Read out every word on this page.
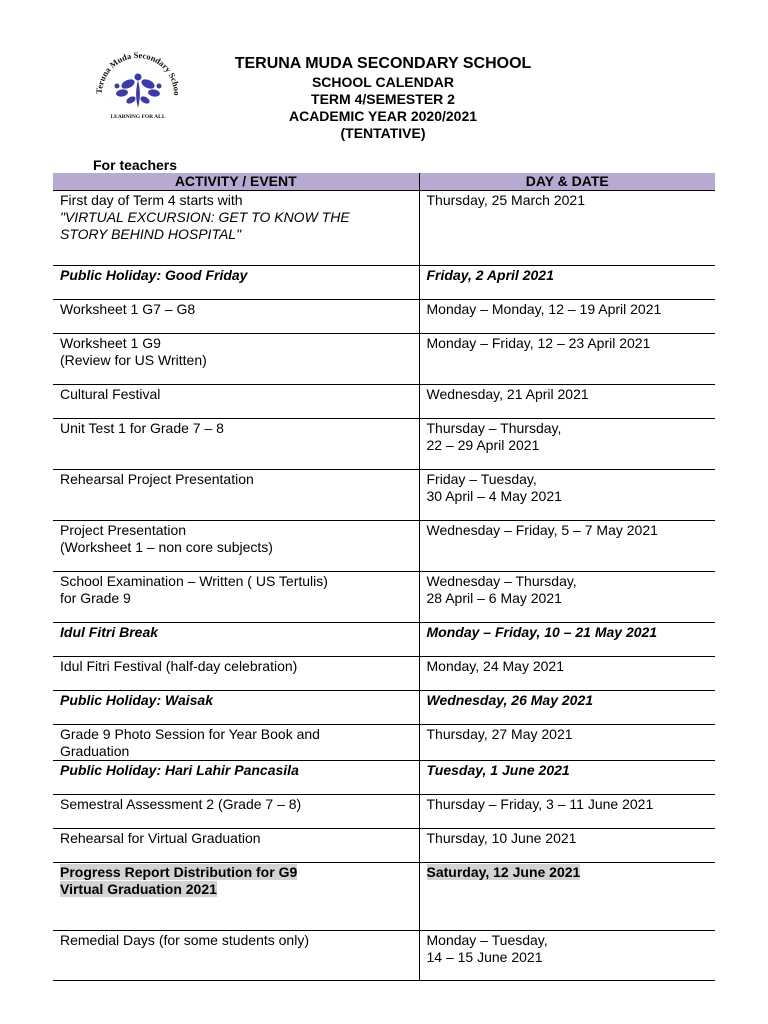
Teruna Muda Secondary Schoo
LEARNING FOR ALL
TERUNA MUDA SECONDARY SCHOOL
SCHOOL CALENDAR
TERM 4/SEMESTER 2
ACADEMIC YEAR 2020/2021
(TENTATIVE)
For teachers
ACTIVITY / EVENT	DAY & DATE

First day of Term 4 starts with
"VIRTUAL EXCURSION: GET TO KNOW THE
STORY BEHIND HOSPITAL"	Thursday, 25 March 2021

Public Holiday: Good Friday	Friday, 2 April 2021

Worksheet 1 G7 – G8	Monday – Monday, 12 – 19 April 2021

Worksheet 1 G9
(Review for US Written)	Monday – Friday, 12 – 23 April 2021

Cultural Festival	Wednesday, 21 April 2021

Unit Test 1 for Grade 7 – 8	Thursday – Thursday,
22 – 29 April 2021

Rehearsal Project Presentation	Friday – Tuesday,
30 April – 4 May 2021

Project Presentation
(Worksheet 1 – non core subjects)	Wednesday – Friday, 5 – 7 May 2021

School Examination – Written ( US Tertulis)
for Grade 9	Wednesday – Thursday,
28 April – 6 May 2021

Idul Fitri Break	Monday – Friday, 10 – 21 May 2021

Idul Fitri Festival (half-day celebration)	Monday, 24 May 2021

Public Holiday: Waisak	Wednesday, 26 May 2021

Grade 9 Photo Session for Year Book and
Graduation	Thursday, 27 May 2021

Public Holiday: Hari Lahir Pancasila	Tuesday, 1 June 2021

Semestral Assessment 2 (Grade 7 – 8)	Thursday – Friday, 3 – 11 June 2021

Rehearsal for Virtual Graduation	Thursday, 10 June 2021

Progress Report Distribution for G9
Virtual Graduation 2021	Saturday, 12 June 2021

Remedial Days (for some students only)	Monday – Tuesday,
14 – 15 June 2021
